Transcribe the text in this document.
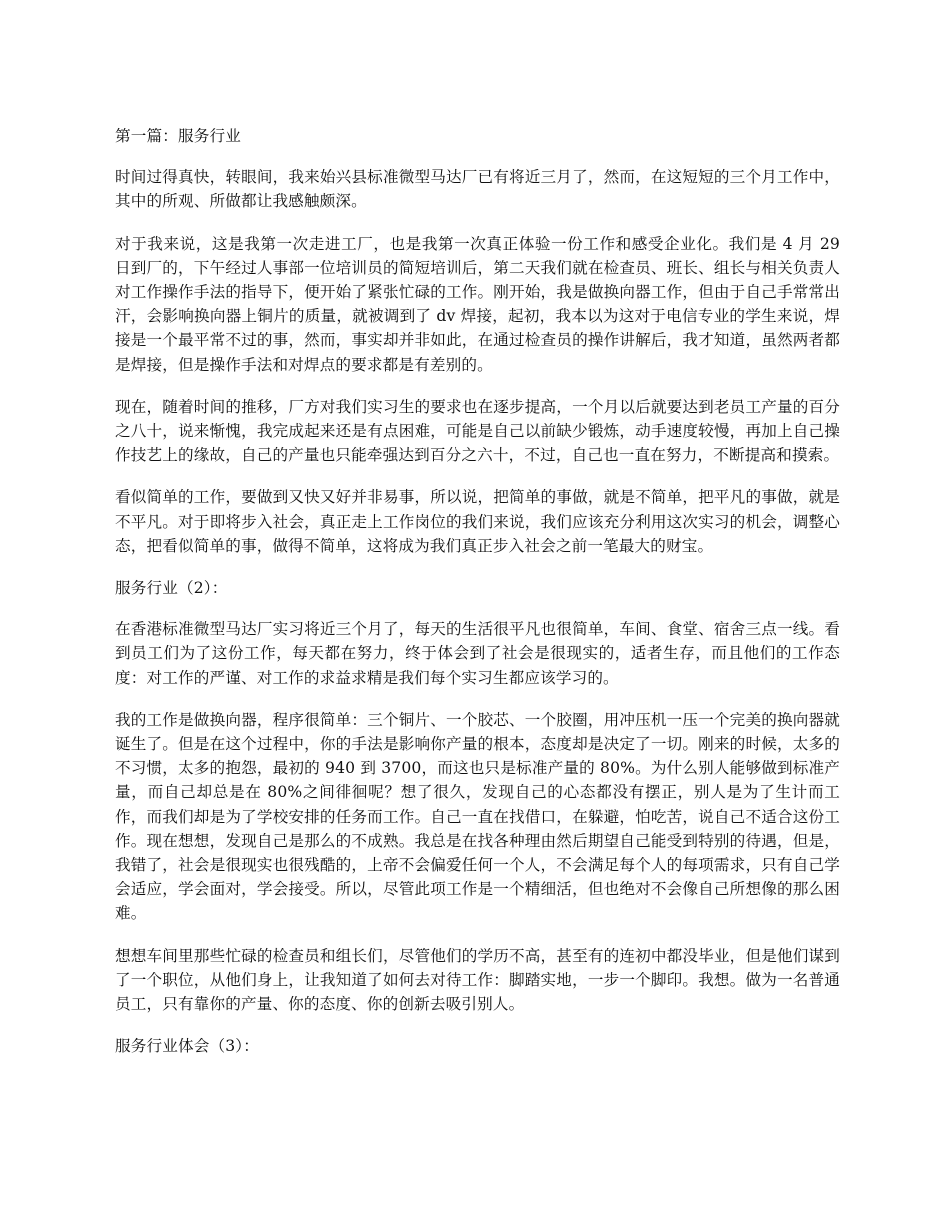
第一篇：服务行业

时间过得真快，转眼间，我来始兴县标准微型马达厂已有将近三月了，然而，在这短短的三个月工作中，其中的所观、所做都让我感触颇深。

对于我来说，这是我第一次走进工厂，也是我第一次真正体验一份工作和感受企业化。我们是 4 月 29 日到厂的，下午经过人事部一位培训员的简短培训后，第二天我们就在检查员、班长、组长与相关负责人对工作操作手法的指导下，便开始了紧张忙碌的工作。刚开始，我是做换向器工作，但由于自己手常常出汗，会影响换向器上铜片的质量，就被调到了 dv 焊接，起初，我本以为这对于电信专业的学生来说，焊接是一个最平常不过的事，然而，事实却并非如此，在通过检查员的操作讲解后，我才知道，虽然两者都是焊接，但是操作手法和对焊点的要求都是有差别的。

现在，随着时间的推移，厂方对我们实习生的要求也在逐步提高，一个月以后就要达到老员工产量的百分之八十，说来惭愧，我完成起来还是有点困难，可能是自己以前缺少锻炼，动手速度较慢，再加上自己操作技艺上的缘故，自己的产量也只能牵强达到百分之六十，不过，自己也一直在努力，不断提高和摸索。

看似简单的工作，要做到又快又好并非易事，所以说，把简单的事做，就是不简单，把平凡的事做，就是不平凡。对于即将步入社会，真正走上工作岗位的我们来说，我们应该充分利用这次实习的机会，调整心态，把看似简单的事，做得不简单，这将成为我们真正步入社会之前一笔最大的财宝。

服务行业（2）：

在香港标准微型马达厂实习将近三个月了，每天的生活很平凡也很简单，车间、食堂、宿舍三点一线。看到员工们为了这份工作，每天都在努力，终于体会到了社会是很现实的，适者生存，而且他们的工作态度：对工作的严谨、对工作的求益求精是我们每个实习生都应该学习的。

我的工作是做换向器，程序很简单：三个铜片、一个胶芯、一个胶圈，用冲压机一压一个完美的换向器就诞生了。但是在这个过程中，你的手法是影响你产量的根本，态度却是决定了一切。刚来的时候，太多的不习惯，太多的抱怨，最初的 940 到 3700，而这也只是标准产量的 80%。为什么别人能够做到标准产量，而自己却总是在 80%之间徘徊呢？想了很久，发现自己的心态都没有摆正，别人是为了生计而工作，而我们却是为了学校安排的任务而工作。自己一直在找借口，在躲避，怕吃苦，说自己不适合这份工作。现在想想，发现自己是那么的不成熟。我总是在找各种理由然后期望自己能受到特别的待遇，但是，我错了，社会是很现实也很残酷的，上帝不会偏爱任何一个人，不会满足每个人的每项需求，只有自己学会适应，学会面对，学会接受。所以，尽管此项工作是一个精细活，但也绝对不会像自己所想像的那么困难。

想想车间里那些忙碌的检查员和组长们，尽管他们的学历不高，甚至有的连初中都没毕业，但是他们谋到了一个职位，从他们身上，让我知道了如何去对待工作：脚踏实地，一步一个脚印。我想。做为一名普通员工，只有靠你的产量、你的态度、你的创新去吸引别人。

服务行业体会（3）：
